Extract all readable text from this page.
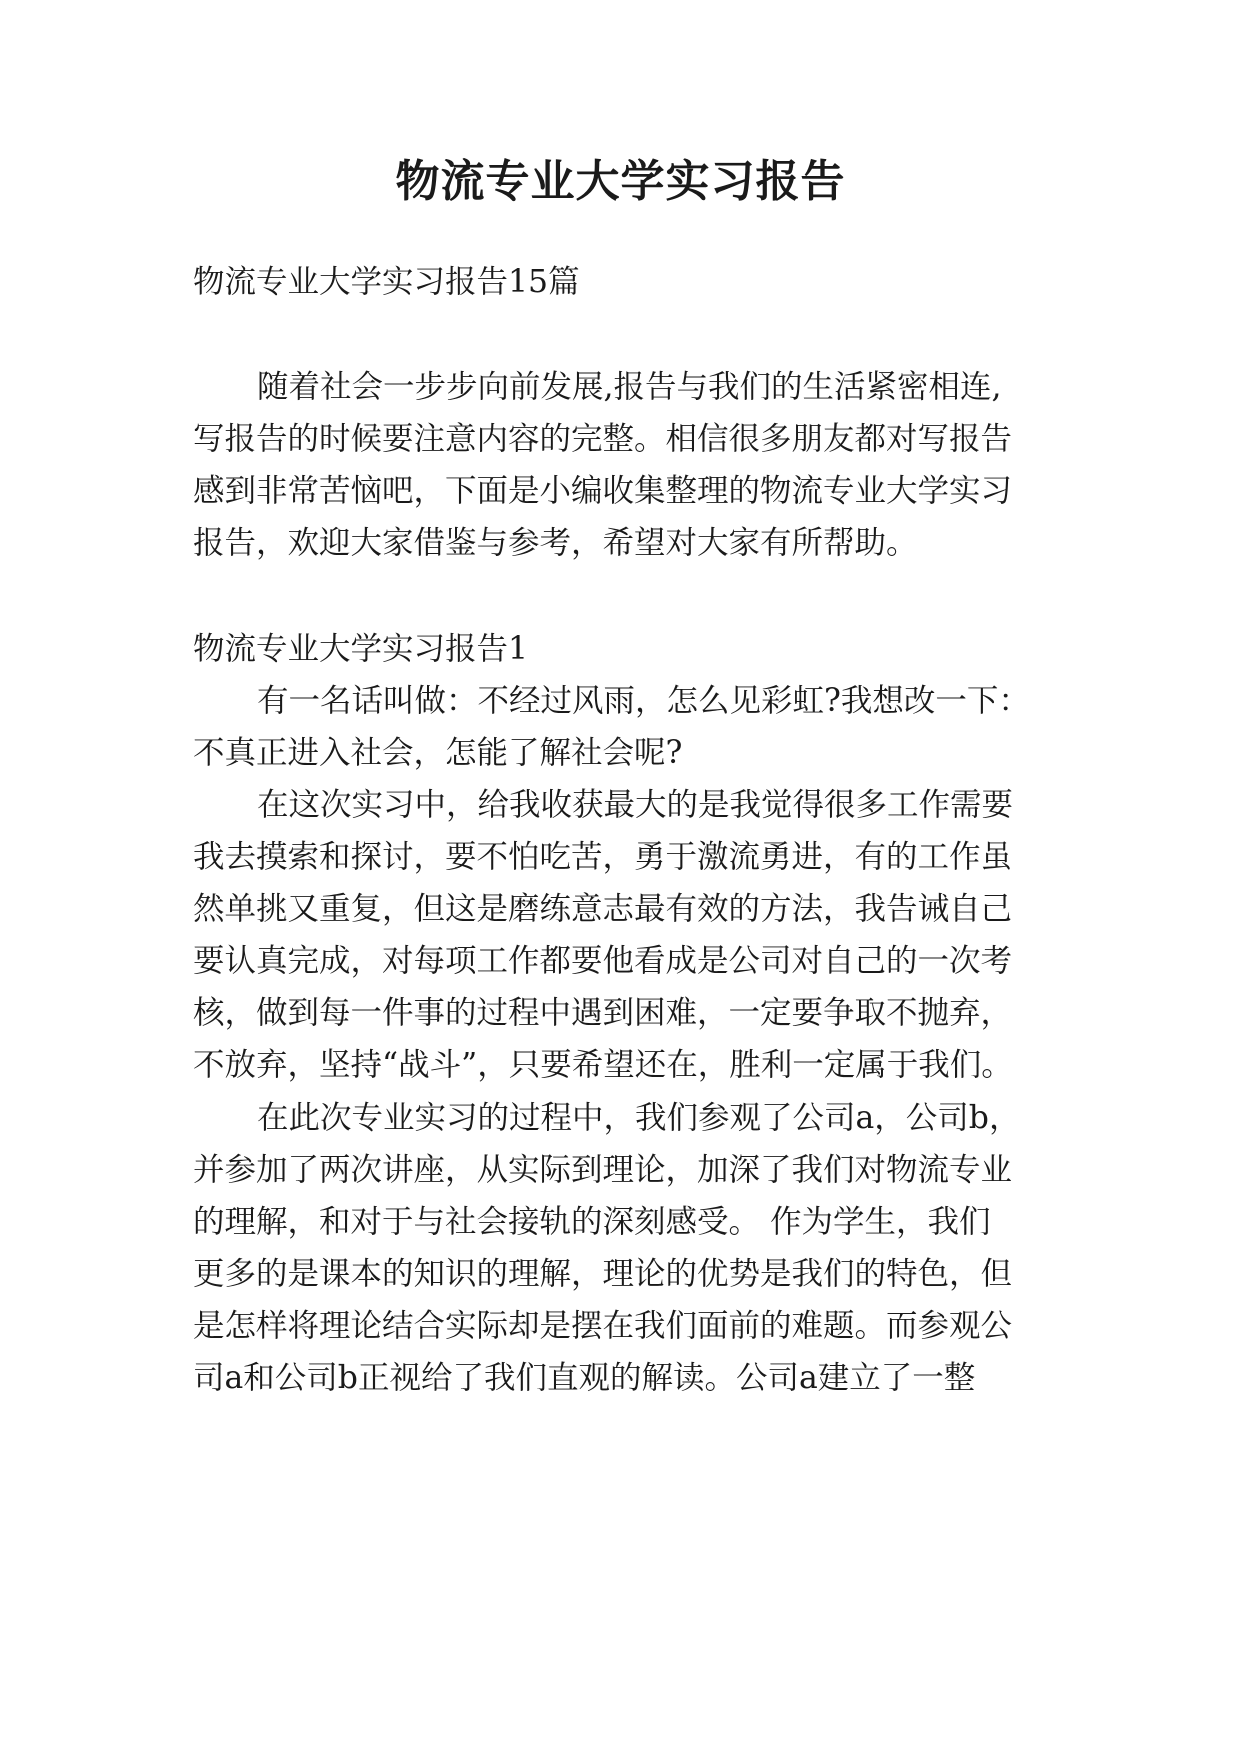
物流专业大学实习报告

物流专业大学实习报告15篇

随着社会一步步向前发展,报告与我们的生活紧密相连,

写报告的时候要注意内容的完整。相信很多朋友都对写报告

感到非常苦恼吧，下面是小编收集整理的物流专业大学实习

报告，欢迎大家借鉴与参考，希望对大家有所帮助。

物流专业大学实习报告1

有一名话叫做：不经过风雨，怎么见彩虹?我想改一下：

不真正进入社会，怎能了解社会呢?

在这次实习中，给我收获最大的是我觉得很多工作需要

我去摸索和探讨，要不怕吃苦，勇于激流勇进，有的工作虽

然单挑又重复，但这是磨练意志最有效的方法，我告诫自己

要认真完成，对每项工作都要他看成是公司对自己的一次考

核，做到每一件事的过程中遇到困难，一定要争取不抛弃，

不放弃，坚持“战斗”，只要希望还在，胜利一定属于我们。

在此次专业实习的过程中，我们参观了公司a，公司b，

并参加了两次讲座，从实际到理论，加深了我们对物流专业

的理解，和对于与社会接轨的深刻感受。 作为学生，我们

更多的是课本的知识的理解，理论的优势是我们的特色，但

是怎样将理论结合实际却是摆在我们面前的难题。而参观公

司a和公司b正视给了我们直观的解读。公司a建立了一整
